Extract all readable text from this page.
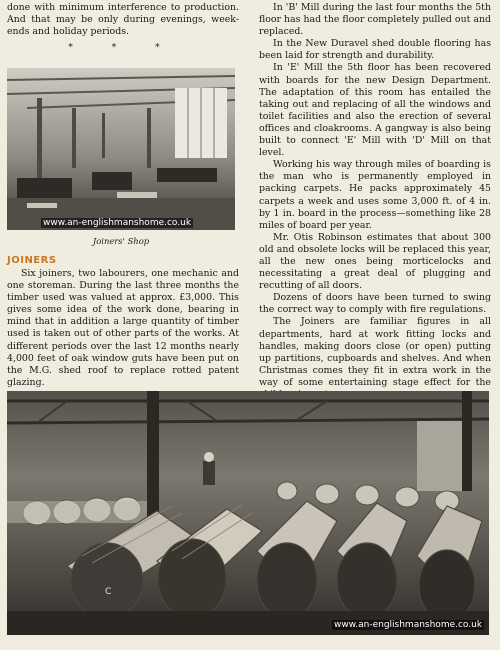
done with minimum interference to production. And that may be only during evenings, week-ends and holiday periods.

* * *
www.an-englishmanshome.co.uk
Joiners' Shop
JOINERS

Six joiners, two labourers, one mechanic and one storeman. During the last three months the timber used was valued at approx. £3,000. This gives some idea of the work done, bearing in mind that in addition a large quantity of timber used is taken out of other parts of the works. At different periods over the last 12 months nearly 4,000 feet of oak window guts have been put on the M.G. shed roof to replace rotted patent glazing.

In 'B' Mill during the last four months the 5th floor has had the floor completely pulled out and replaced.

In the New Duravel shed double flooring has been laid for strength and durability.

In 'E' Mill the 5th floor has been recovered with boards for the new Design Department. The adaptation of this room has entailed the taking out and replacing of all the windows and toilet facilities and also the erection of several offices and cloakrooms. A gangway is also being built to connect 'E' Mill with 'D' Mill on that level.

Working his way through miles of boarding is the man who is permanently employed in packing carpets. He packs approximately 45 carpets a week and uses some 3,000 ft. of 4 in. by 1 in. board in the process—something like 28 miles of board per year.

Mr. Otis Robinson estimates that about 300 old and obsolete locks will be replaced this year, all the new ones being morticelocks and necessitating a great deal of plugging and recutting of all doors.

Dozens of doors have been turned to swing the correct way to comply with fire regulations.

The Joiners are familiar figures in all departments, hard at work fitting locks and handles, making doors close (or open) putting up partitions, cupboards and shelves. And when Christmas comes they fit in extra work in the way of some entertaining stage effect for the

C
www.an-englishmanshome.co.uk
